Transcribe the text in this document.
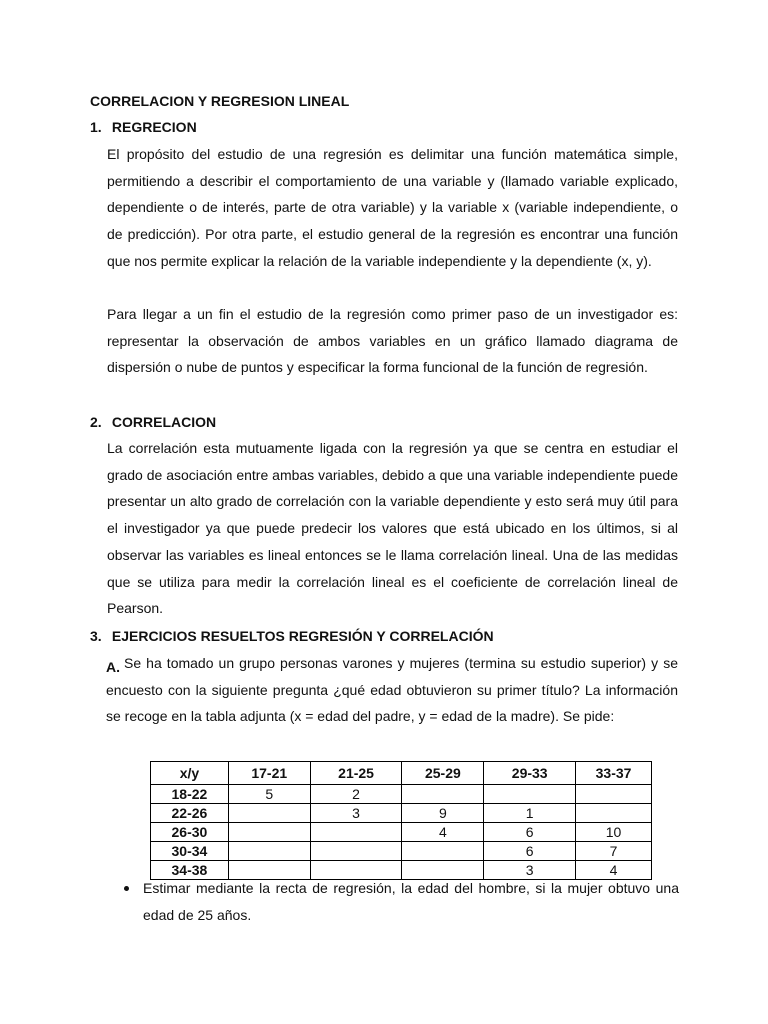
CORRELACION Y REGRESION LINEAL
1. REGRECION

El propósito del estudio de una regresión es delimitar una función matemática simple, permitiendo a describir el comportamiento de una variable y (llamado variable explicado, dependiente o de interés, parte de otra variable) y la variable x (variable independiente, o de predicción). Por otra parte, el estudio general de la regresión es encontrar una función que nos permite explicar la relación de la variable independiente y la dependiente (x, y).

Para llegar a un fin el estudio de la regresión como primer paso de un investigador es: representar la observación de ambos variables en un gráfico llamado diagrama de dispersión o nube de puntos y especificar la forma funcional de la función de regresión.

2. CORRELACION

La correlación esta mutuamente ligada con la regresión ya que se centra en estudiar el grado de asociación entre ambas variables, debido a que una variable independiente puede presentar un alto grado de correlación con la variable dependiente y esto será muy útil para el investigador ya que puede predecir los valores que está ubicado en los últimos, si al observar las variables es lineal entonces se le llama correlación lineal. Una de las medidas que se utiliza para medir la correlación lineal es el coeficiente de correlación lineal de Pearson.

3. EJERCICIOS RESUELTOS REGRESIÓN Y CORRELACIÓN
A. Se ha tomado un grupo personas varones y mujeres (termina su estudio superior) y se encuesto con la siguiente pregunta ¿qué edad obtuvieron su primer título? La información se recoge en la tabla adjunta (x = edad del padre, y = edad de la madre). Se pide:

x/y	17-21	21-25	25-29	29-33	33-37
18-22	5	2			
22-26		3	9	1	
26-30			4	6	10
30-34				6	7
34-38				3	4

Estimar mediante la recta de regresión, la edad del hombre, si la mujer obtuvo una edad de 25 años.
